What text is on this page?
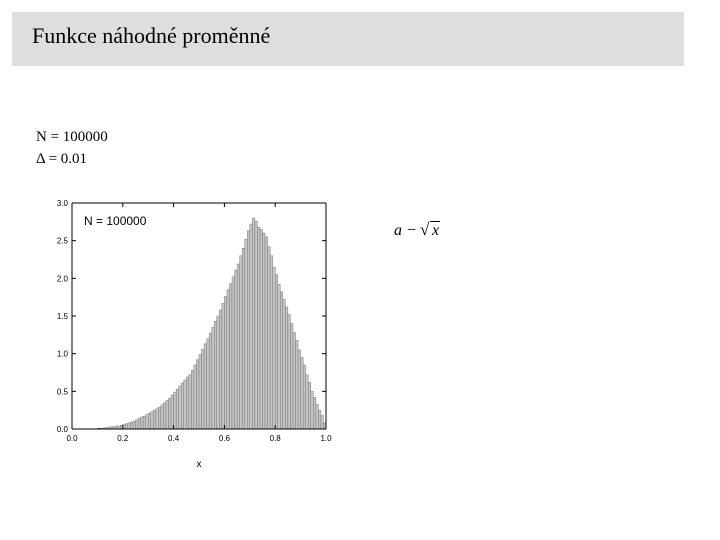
Funkce náhodné proměnné
N = 100000
Δ = 0.01
a − √ x
0.0
0.5
1.0
1.5
2.0
2.5
3.0
0.0	0.2	0.4	0.6	0.8	1.0
N = 100000
x
